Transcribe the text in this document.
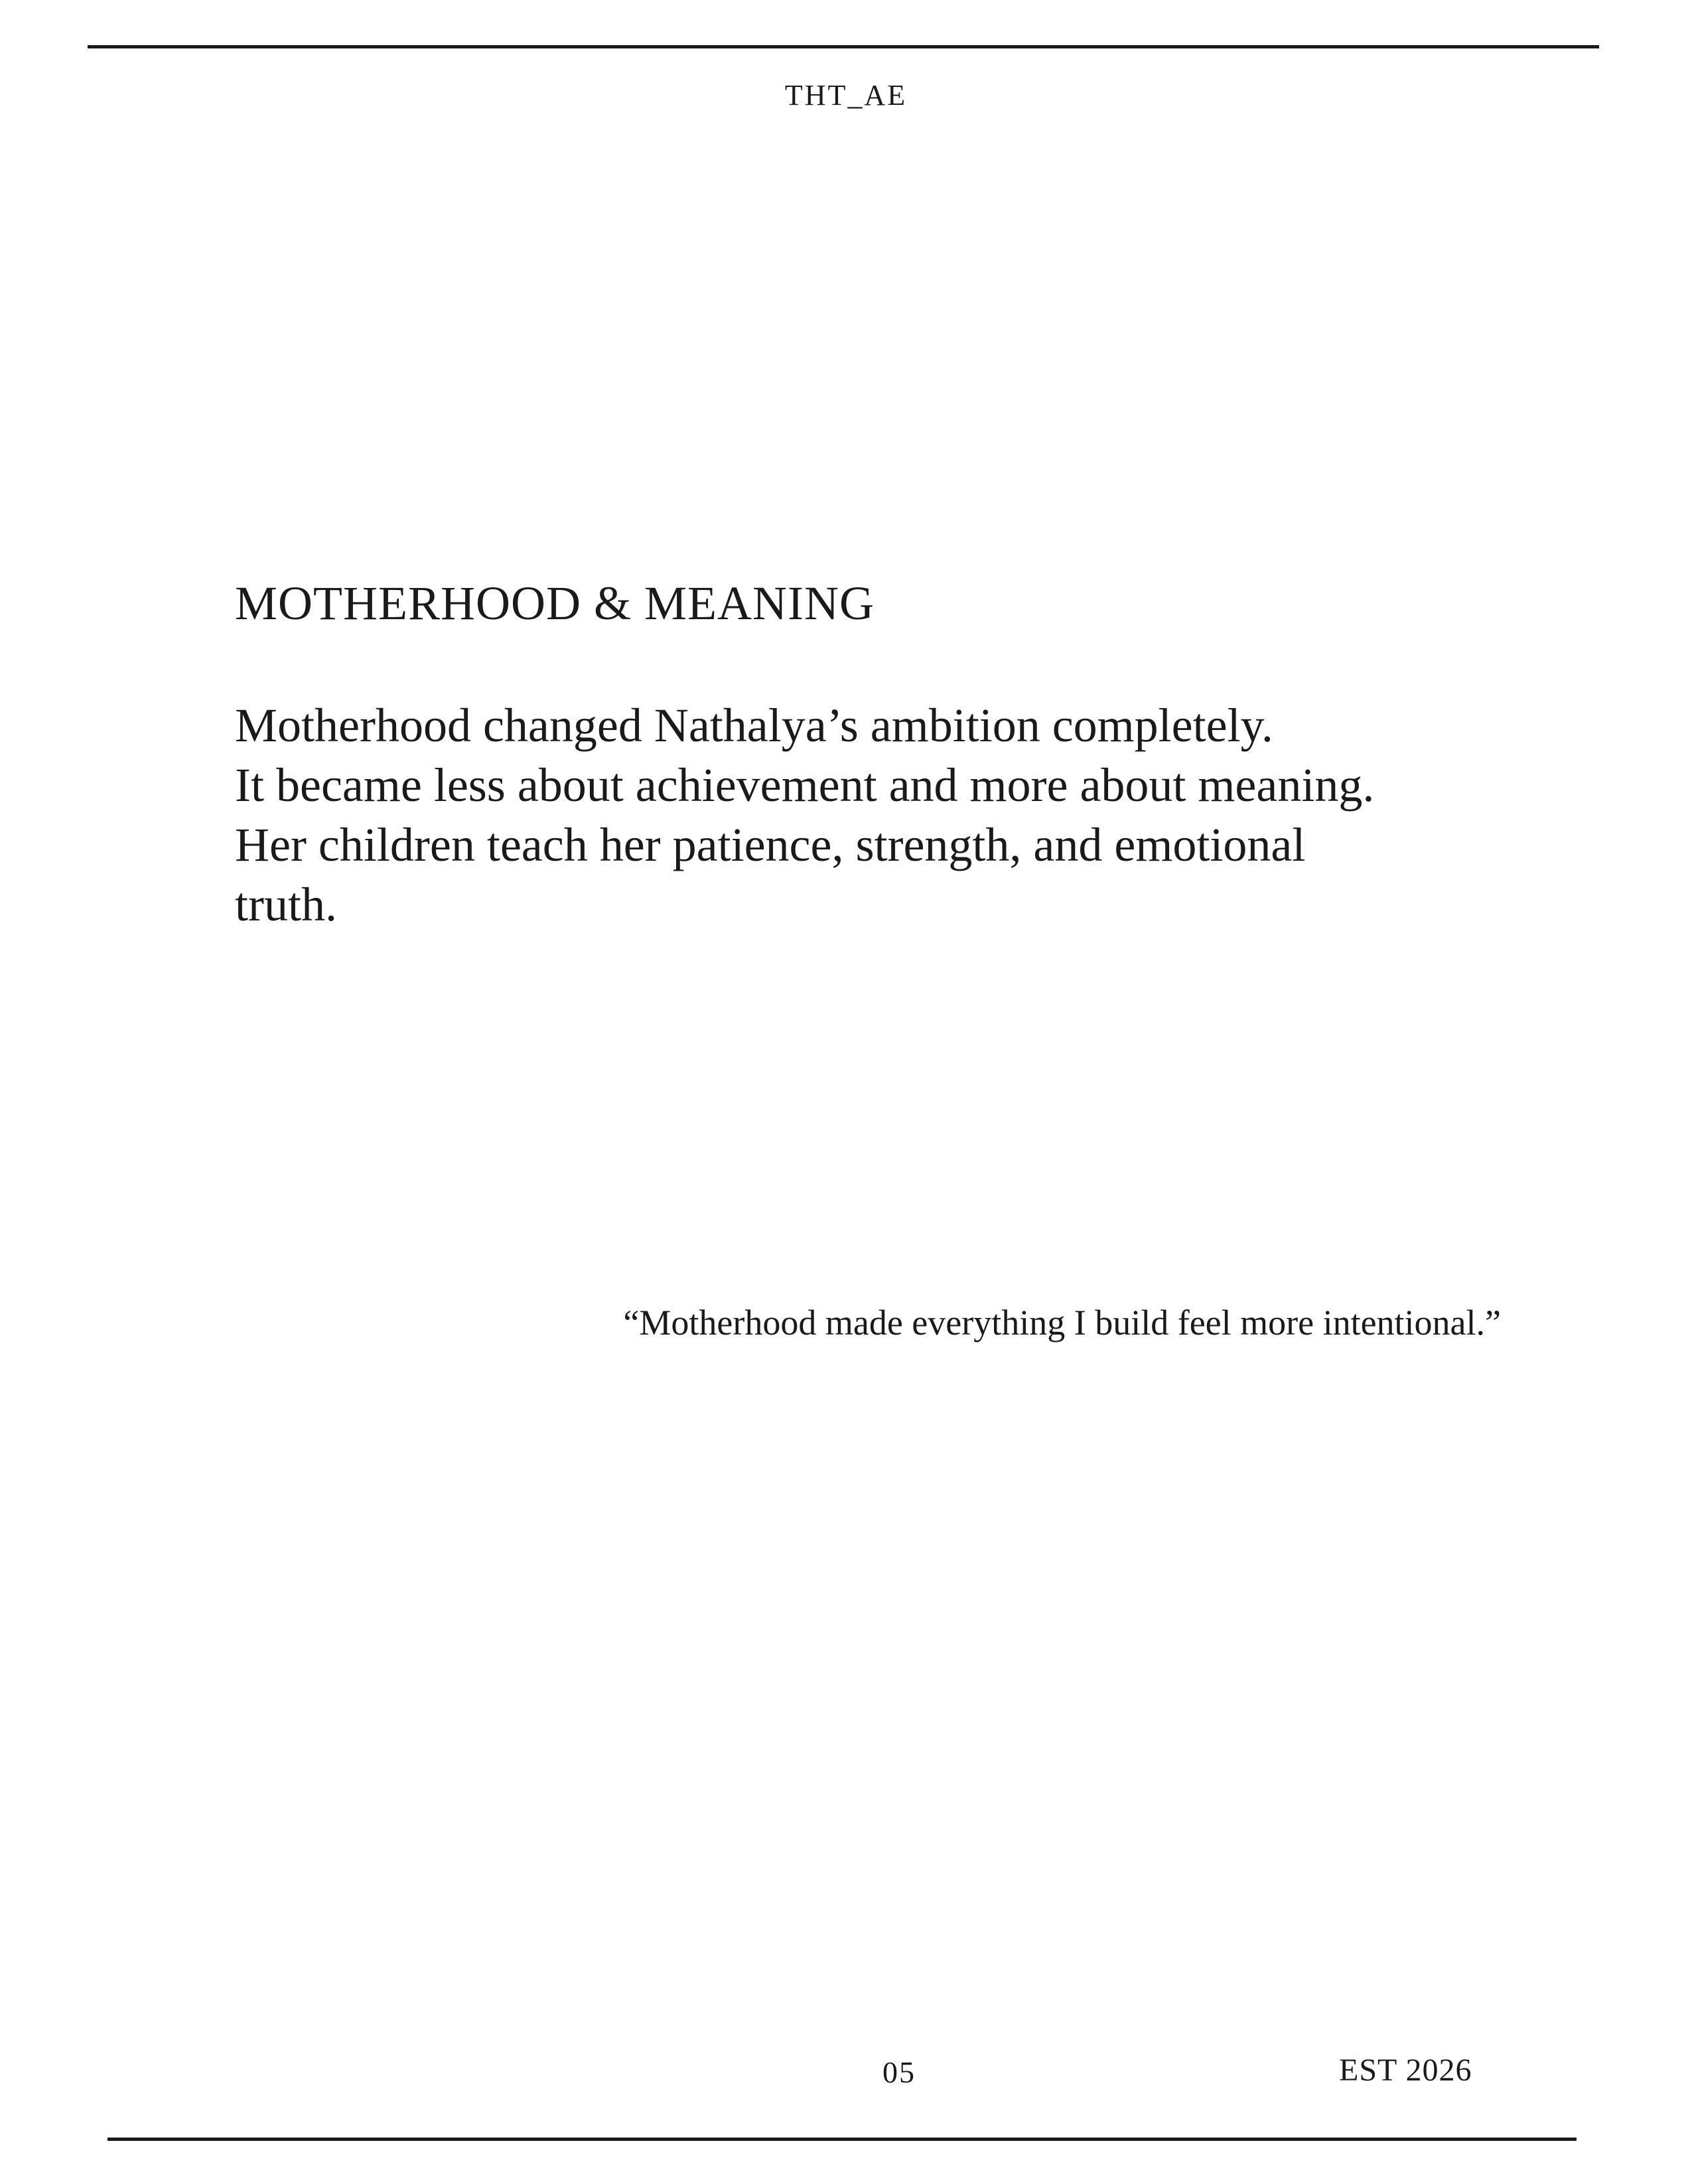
THT_AE
MOTHERHOOD & MEANING
Motherhood changed Nathalya’s ambition completely.
It became less about achievement and more about meaning.
Her children teach her patience, strength, and emotional
truth.
“Motherhood made everything I build feel more intentional.”
05	EST 2026
